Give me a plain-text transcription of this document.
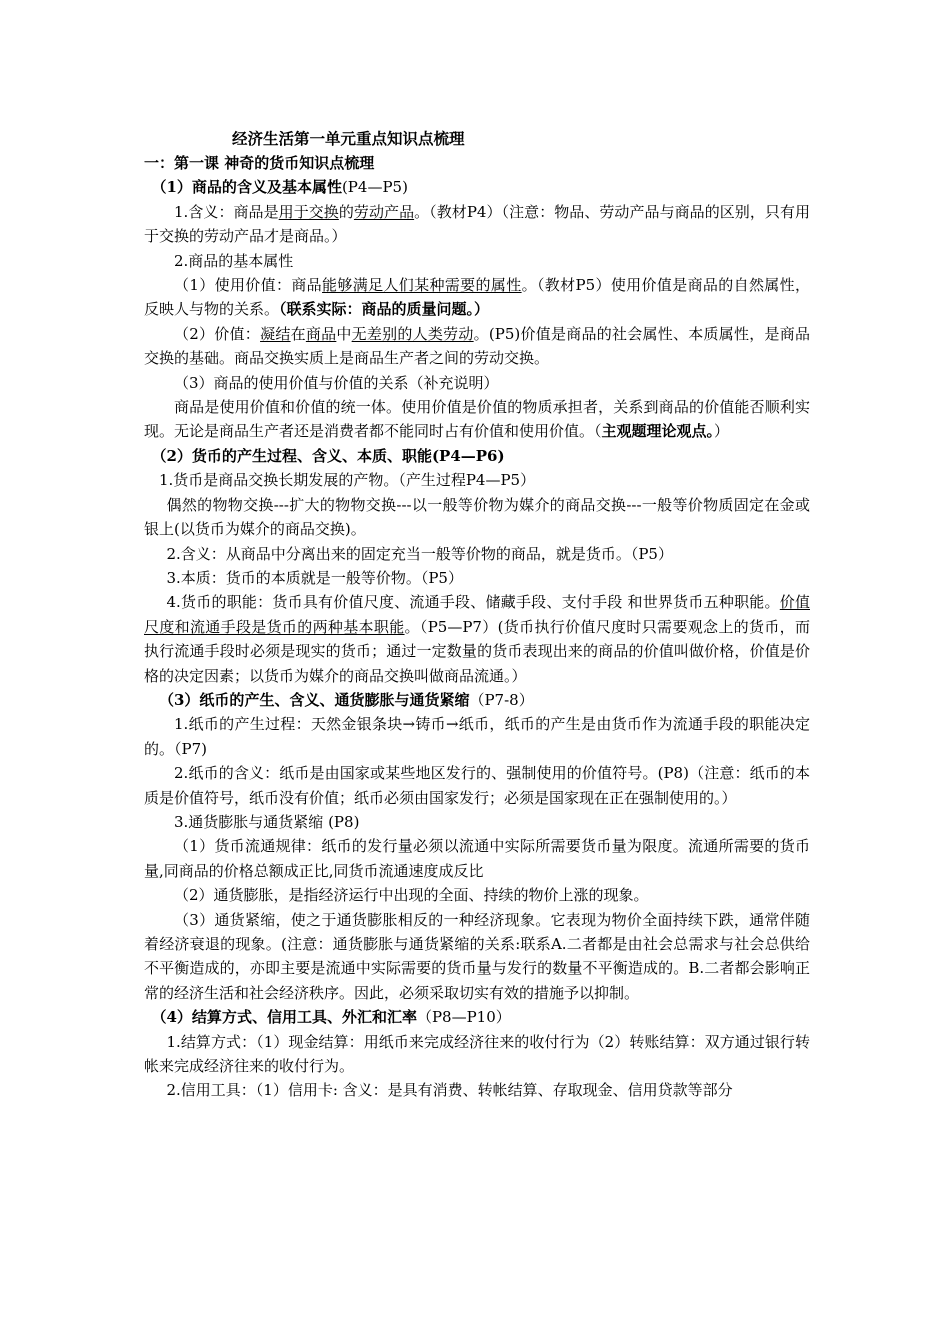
经济生活第一单元重点知识点梳理

一：第一课 神奇的货币知识点梳理

（1）商品的含义及基本属性(P4—P5)

1.含义：商品是用于交换的劳动产品。（教材P4）（注意：物品、劳动产品与商品的区别，只有用于交换的劳动产品才是商品。）

2.商品的基本属性

（1）使用价值：商品能够满足人们某种需要的属性。（教材P5）使用价值是商品的自然属性，反映人与物的关系。（联系实际：商品的质量问题。）

（2）价值：凝结在商品中无差别的人类劳动。(P5)价值是商品的社会属性、本质属性，是商品交换的基础。商品交换实质上是商品生产者之间的劳动交换。

（3）商品的使用价值与价值的关系（补充说明）

商品是使用价值和价值的统一体。使用价值是价值的物质承担者，关系到商品的价值能否顺利实现。无论是商品生产者还是消费者都不能同时占有价值和使用价值。（主观题理论观点。）

（2）货币的产生过程、含义、本质、职能(P4—P6)

1.货币是商品交换长期发展的产物。（产生过程P4—P5）

偶然的物物交换---扩大的物物交换---以一般等价物为媒介的商品交换---一般等价物质固定在金或银上(以货币为媒介的商品交换)。

2.含义：从商品中分离出来的固定充当一般等价物的商品，就是货币。（P5）

3.本质：货币的本质就是一般等价物。（P5）

4.货币的职能：货币具有价值尺度、流通手段、储藏手段、支付手段 和世界货币五种职能。价值尺度和流通手段是货币的两种基本职能。（P5—P7）(货币执行价值尺度时只需要观念上的货币，而执行流通手段时必须是现实的货币；通过一定数量的货币表现出来的商品的价值叫做价格，价值是价格的决定因素；以货币为媒介的商品交换叫做商品流通。）

（3）纸币的产生、含义、通货膨胀与通货紧缩（P7-8）

1.纸币的产生过程：天然金银条块→铸币→纸币，纸币的产生是由货币作为流通手段的职能决定的。（P7)

2.纸币的含义：纸币是由国家或某些地区发行的、强制使用的价值符号。(P8)（注意：纸币的本质是价值符号，纸币没有价值；纸币必须由国家发行；必须是国家现在正在强制使用的。）

3.通货膨胀与通货紧缩 (P8)

（1）货币流通规律：纸币的发行量必须以流通中实际所需要货币量为限度。流通所需要的货币量,同商品的价格总额成正比,同货币流通速度成反比

（2）通货膨胀，是指经济运行中出现的全面、持续的物价上涨的现象。

（3）通货紧缩，使之于通货膨胀相反的一种经济现象。它表现为物价全面持续下跌，通常伴随着经济衰退的现象。(注意：通货膨胀与通货紧缩的关系:联系A.二者都是由社会总需求与社会总供给不平衡造成的，亦即主要是流通中实际需要的货币量与发行的数量不平衡造成的。B.二者都会影响正常的经济生活和社会经济秩序。因此，必须采取切实有效的措施予以抑制。

（4）结算方式、信用工具、外汇和汇率（P8—P10）

1.结算方式：（1）现金结算：用纸币来完成经济往来的收付行为（2）转账结算：双方通过银行转帐来完成经济往来的收付行为。

2.信用工具：（1）信用卡: 含义：是具有消费、转帐结算、存取现金、信用贷款等部分
